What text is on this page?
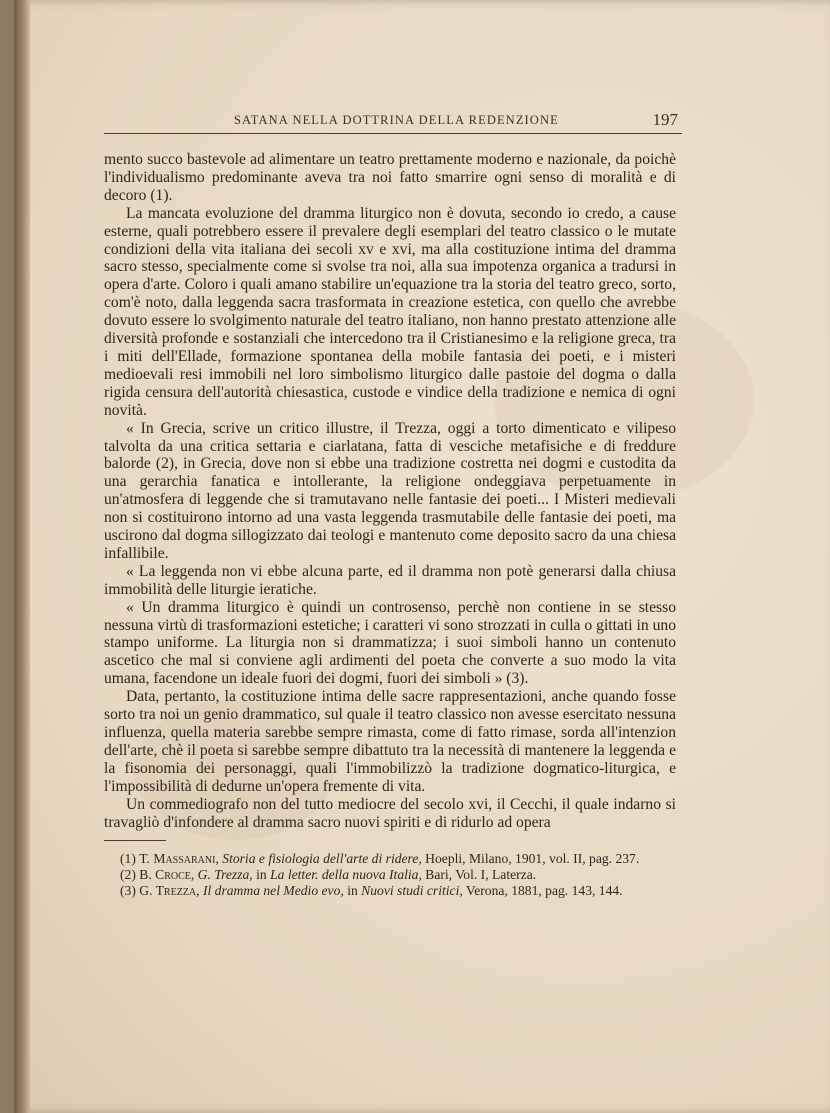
SATANA NELLA DOTTRINA DELLA REDENZIONE	197

mento succo bastevole ad alimentare un teatro prettamente moderno e nazionale, da poichè l'individualismo predominante aveva tra noi fatto smarrire ogni senso di moralità e di decoro (1).

La mancata evoluzione del dramma liturgico non è dovuta, secondo io credo, a cause esterne, quali potrebbero essere il prevalere degli esemplari del teatro classico o le mutate condizioni della vita italiana dei secoli xv e xvi, ma alla costituzione intima del dramma sacro stesso, specialmente come si svolse tra noi, alla sua impotenza organica a tradursi in opera d'arte. Coloro i quali amano stabilire un'equazione tra la storia del teatro greco, sorto, com'è noto, dalla leggenda sacra trasformata in creazione estetica, con quello che avrebbe dovuto essere lo svolgimento naturale del teatro italiano, non hanno prestato attenzione alle diversità profonde e sostanziali che intercedono tra il Cristianesimo e la religione greca, tra i miti dell'Ellade, formazione spontanea della mobile fantasia dei poeti, e i misteri medioevali resi immobili nel loro simbolismo liturgico dalle pastoie del dogma o dalla rigida censura dell'autorità chiesastica, custode e vindice della tradizione e nemica di ogni novità.

« In Grecia, scrive un critico illustre, il Trezza, oggi a torto dimenticato e vilipeso talvolta da una critica settaria e ciarlatana, fatta di vesciche metafisiche e di freddure balorde (2), in Grecia, dove non si ebbe una tradizione costretta nei dogmi e custodita da una gerarchia fanatica e intollerante, la religione ondeggiava perpetuamente in un'atmosfera di leggende che si tramutavano nelle fantasie dei poeti... I Misteri medievali non si costituirono intorno ad una vasta leggenda trasmutabile delle fantasie dei poeti, ma uscirono dal dogma sillogizzato dai teologi e mantenuto come deposito sacro da una chiesa infallibile.

« La leggenda non vi ebbe alcuna parte, ed il dramma non potè generarsi dalla chiusa immobilità delle liturgie ieratiche.

« Un dramma liturgico è quindi un controsenso, perchè non contiene in se stesso nessuna virtù di trasformazioni estetiche; i caratteri vi sono strozzati in culla o gittati in uno stampo uniforme. La liturgia non si drammatizza; i suoi simboli hanno un contenuto ascetico che mal si conviene agli ardimenti del poeta che converte a suo modo la vita umana, facendone un ideale fuori dei dogmi, fuori dei simboli » (3).

Data, pertanto, la costituzione intima delle sacre rappresentazioni, anche quando fosse sorto tra noi un genio drammatico, sul quale il teatro classico non avesse esercitato nessuna influenza, quella materia sarebbe sempre rimasta, come di fatto rimase, sorda all'intenzion dell'arte, chè il poeta si sarebbe sempre dibattuto tra la necessità di mantenere la leggenda e la fisonomia dei personaggi, quali l'immobilizzò la tradizione dogmatico-liturgica, e l'impossibilità di dedurne un'opera fremente di vita.

Un commediografo non del tutto mediocre del secolo xvi, il Cecchi, il quale indarno si travagliò d'infondere al dramma sacro nuovi spiriti e di ridurlo ad opera

(1) T. Massarani, Storia e fisiologia dell'arte di ridere, Hoepli, Milano, 1901, vol. II, pag. 237.

(2) B. Croce, G. Trezza, in La letter. della nuova Italia, Bari, Vol. I, Laterza.

(3) G. Trezza, Il dramma nel Medio evo, in Nuovi studi critici, Verona, 1881, pag. 143, 144.
